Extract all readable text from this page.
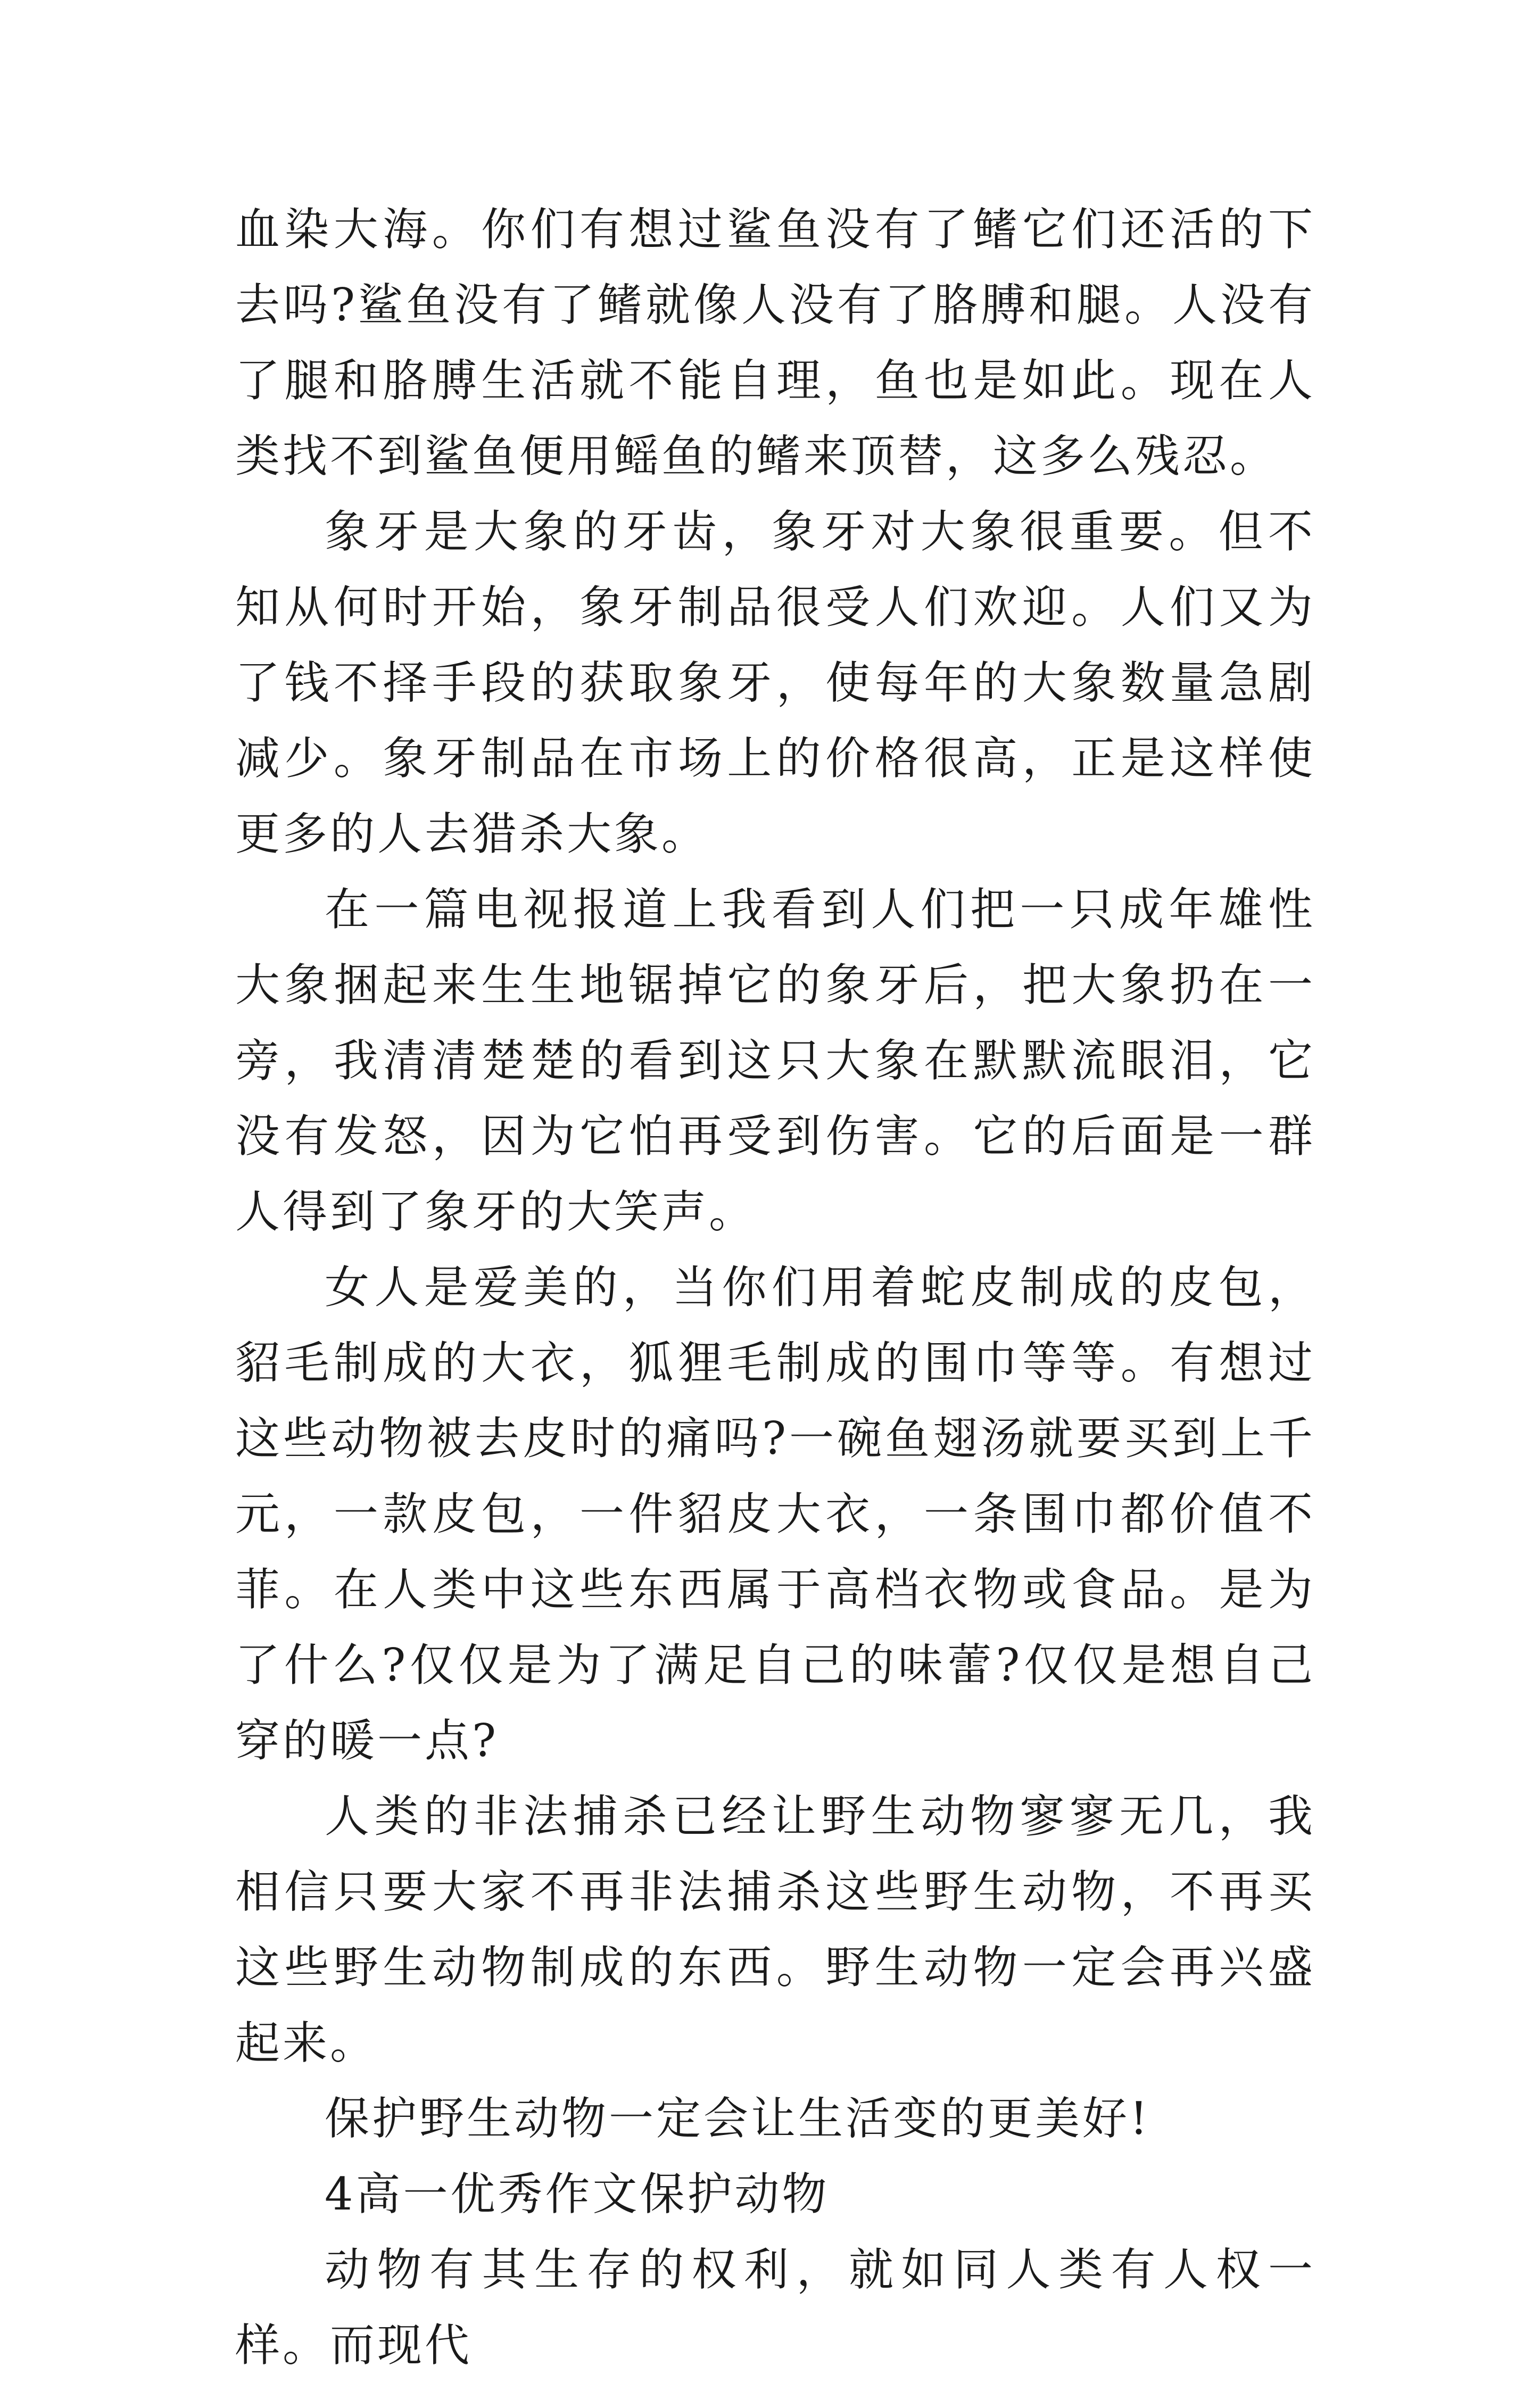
血染大海。你们有想过鲨鱼没有了鳍它们还活的下去吗?鲨鱼没有了鳍就像人没有了胳膊和腿。人没有了腿和胳膊生活就不能自理，鱼也是如此。现在人类找不到鲨鱼便用鳐鱼的鳍来顶替，这多么残忍。

象牙是大象的牙齿，象牙对大象很重要。但不知从何时开始，象牙制品很受人们欢迎。人们又为了钱不择手段的获取象牙，使每年的大象数量急剧减少。象牙制品在市场上的价格很高，正是这样使更多的人去猎杀大象。

在一篇电视报道上我看到人们把一只成年雄性大象捆起来生生地锯掉它的象牙后，把大象扔在一旁，我清清楚楚的看到这只大象在默默流眼泪，它没有发怒，因为它怕再受到伤害。它的后面是一群人得到了象牙的大笑声。

女人是爱美的，当你们用着蛇皮制成的皮包，貂毛制成的大衣，狐狸毛制成的围巾等等。有想过这些动物被去皮时的痛吗?一碗鱼翅汤就要买到上千元，一款皮包，一件貂皮大衣，一条围巾都价值不菲。在人类中这些东西属于高档衣物或食品。是为了什么?仅仅是为了满足自己的味蕾?仅仅是想自己穿的暖一点?

人类的非法捕杀已经让野生动物寥寥无几，我相信只要大家不再非法捕杀这些野生动物，不再买这些野生动物制成的东西。野生动物一定会再兴盛起来。

保护野生动物一定会让生活变的更美好!

4高一优秀作文保护动物

动物有其生存的权利，就如同人类有人权一样。而现代
